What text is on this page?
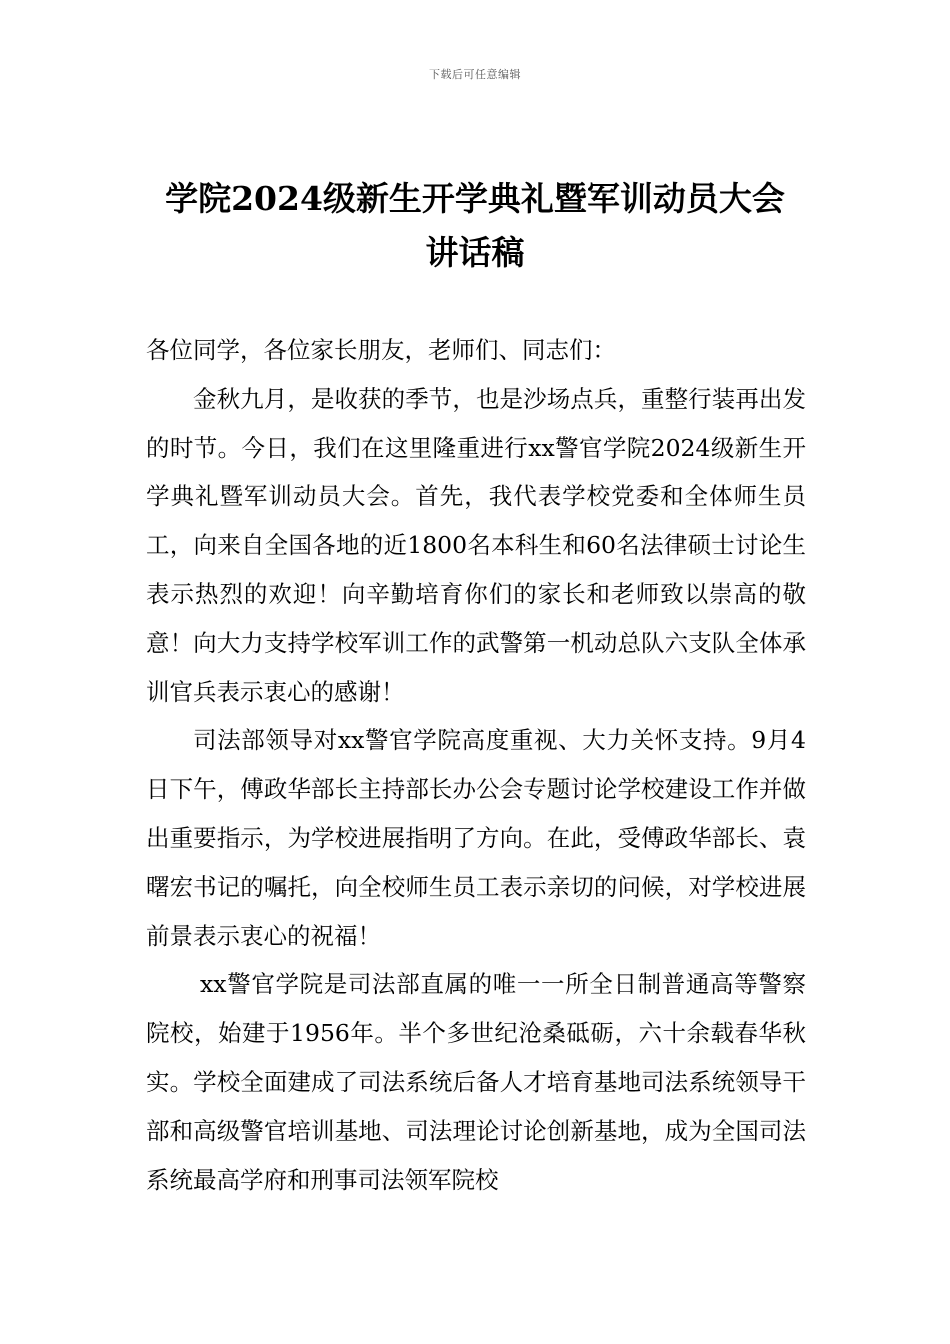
下载后可任意编辑
学院2024级新生开学典礼暨军训动员大会
讲话稿

各位同学，各位家长朋友，老师们、同志们：

金秋九月，是收获的季节，也是沙场点兵，重整行装再出发的时节。今日，我们在这里隆重进行xx警官学院2024级新生开学典礼暨军训动员大会。首先，我代表学校党委和全体师生员工，向来自全国各地的近1800名本科生和60名法律硕士讨论生表示热烈的欢迎！向辛勤培育你们的家长和老师致以崇高的敬意！向大力支持学校军训工作的武警第一机动总队六支队全体承训官兵表示衷心的感谢！

司法部领导对xx警官学院高度重视、大力关怀支持。9月4日下午，傅政华部长主持部长办公会专题讨论学校建设工作并做出重要指示，为学校进展指明了方向。在此，受傅政华部长、袁曙宏书记的嘱托，向全校师生员工表示亲切的问候，对学校进展前景表示衷心的祝福！

xx警官学院是司法部直属的唯一一所全日制普通高等警察院校，始建于1956年。半个多世纪沧桑砥砺，六十余载春华秋实。学校全面建成了司法系统后备人才培育基地司法系统领导干部和高级警官培训基地、司法理论讨论创新基地，成为全国司法系统最高学府和刑事司法领军院校
